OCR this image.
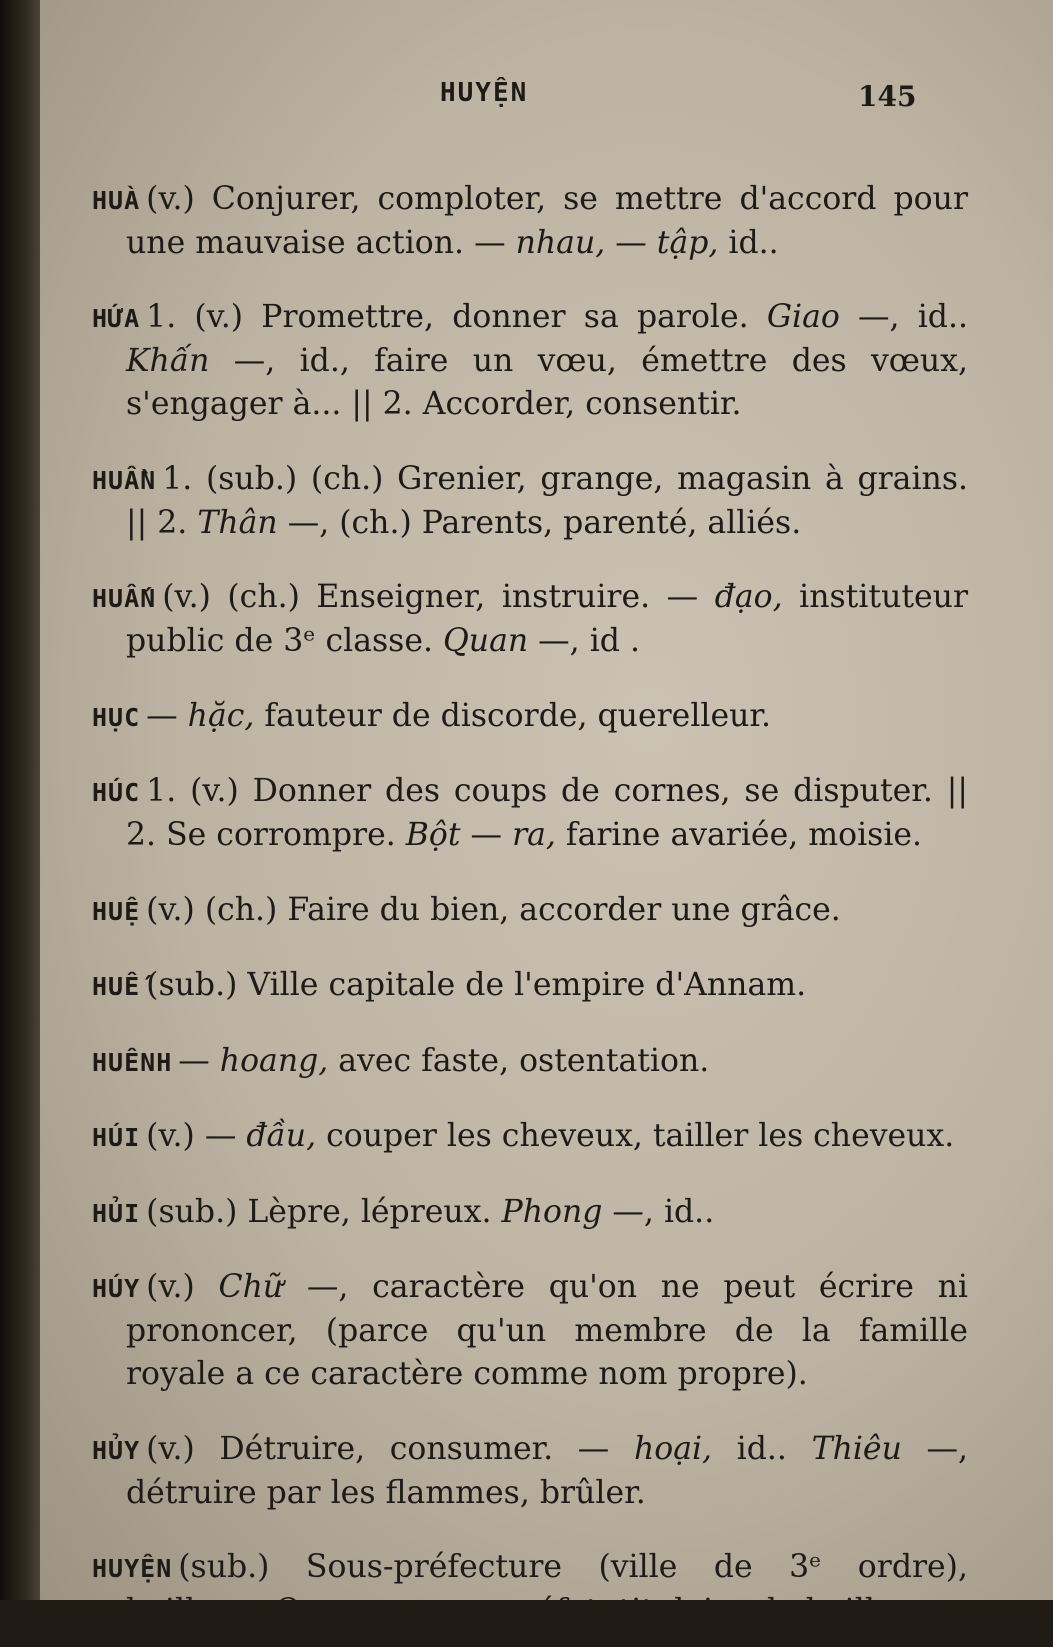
HUYỆN	145

HUÀ (v.) Conjurer, comploter, se mettre d'accord pour une mauvaise action. — nhau, — tập, id..

HỨA 1. (v.) Promettre, donner sa parole. Giao —, id.. Khấn —, id., faire un vœu, émettre des vœux, s'engager à... || 2. Accorder, consentir.

HUẦN 1. (sub.) (ch.) Grenier, grange, magasin à grains. || 2. Thân —, (ch.) Parents, parenté, alliés.

HUẤN (v.) (ch.) Enseigner, instruire. — đạo, instituteur public de 3ᵉ classe. Quan —, id .

HỤC — hặc, fauteur de discorde, querelleur.

HÚC 1. (v.) Donner des coups de cornes, se disputer. || 2. Se corrompre. Bột — ra, farine avariée, moisie.

HUỆ (v.) (ch.) Faire du bien, accorder une grâce.

HUẾ (sub.) Ville capitale de l'empire d'Annam.

HUÊNH — hoang, avec faste, ostentation.

HÚI (v.) — đầu, couper les cheveux, tailler les cheveux.

HỦI (sub.) Lèpre, lépreux. Phong —, id..

HÚY (v.) Chữ —, caractère qu'on ne peut écrire ni prononcer, (parce qu'un membre de la famille royale a ce caractère comme nom propre).

HỦY (v.) Détruire, consumer. — hoại, id.. Thiêu —, détruire par les flammes, brûler.

HUYỆN (sub.) Sous-préfecture (ville de 3ᵉ ordre), baillage. Quan —, sous-préfet, titulaire de baillage.
